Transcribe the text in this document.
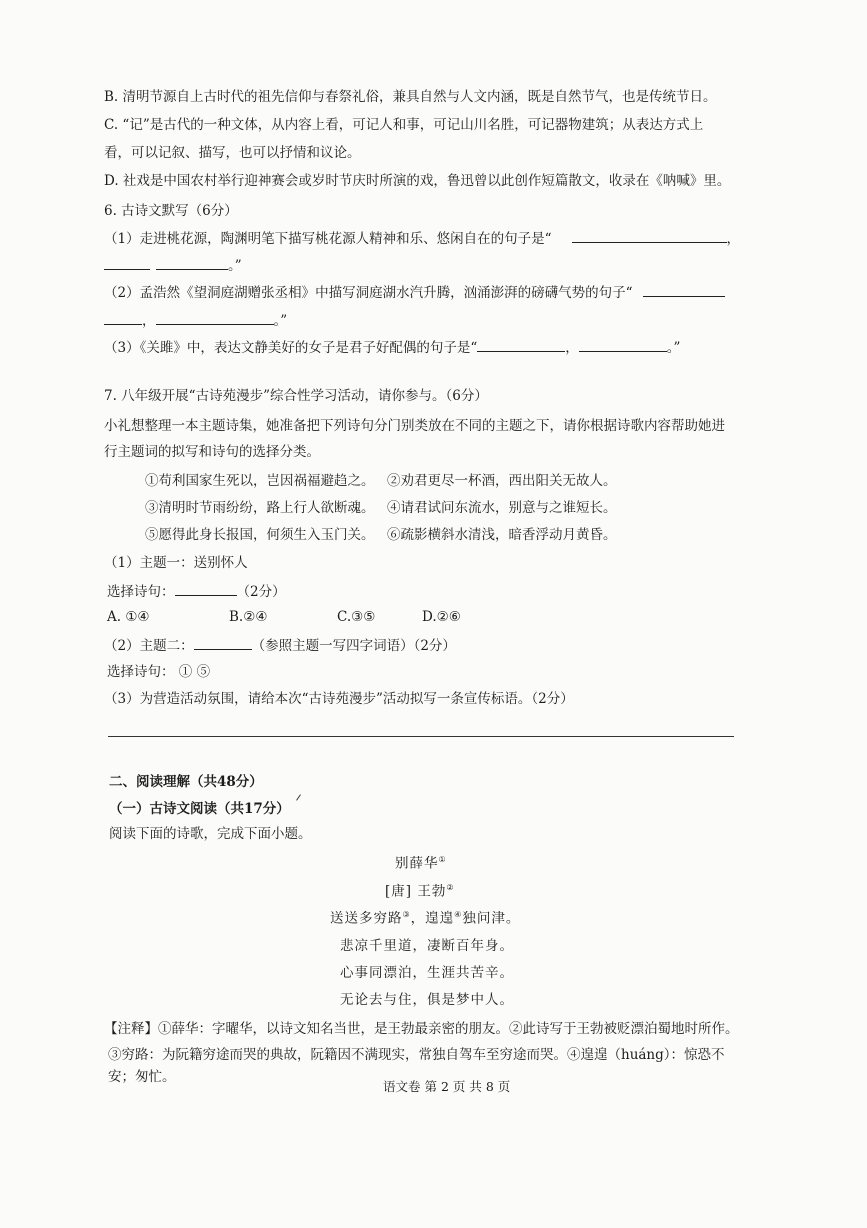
B. 清明节源自上古时代的祖先信仰与春祭礼俗，兼具自然与人文内涵，既是自然节气，也是传统节日。
C. “记”是古代的一种文体，从内容上看，可记人和事，可记山川名胜，可记器物建筑；从表达方式上
看，可以记叙、描写，也可以抒情和议论。
D. 社戏是中国农村举行迎神赛会或岁时节庆时所演的戏，鲁迅曾以此创作短篇散文，收录在《呐喊》里。
6. 古诗文默写（6分）
（1）走进桃花源，陶渊明笔下描写桃花源人精神和乐、悠闲自在的句子是“	，
。”
（2）孟浩然《望洞庭湖赠张丞相》中描写洞庭湖水汽升腾，汹涌澎湃的磅礴气势的句子“
，	。”
（3）《关雎》中，表达文静美好的女子是君子好配偶的句子是“	，	。”
7. 八年级开展“古诗苑漫步”综合性学习活动，请你参与。（6分）
小礼想整理一本主题诗集，她准备把下列诗句分门别类放在不同的主题之下，请你根据诗歌内容帮助她进
行主题词的拟写和诗句的选择分类。
①苟利国家生死以，岂因祸福避趋之。 ②劝君更尽一杯酒，西出阳关无故人。
③清明时节雨纷纷，路上行人欲断魂。 ④请君试问东流水，别意与之谁短长。
⑤愿得此身长报国，何须生入玉门关。 ⑥疏影横斜水清浅，暗香浮动月黄昏。
（1）主题一：送别怀人
选择诗句：	（2分）
A. ①④	B.②④	C.③⑤	D.②⑥
（2）主题二：	（参照主题一写四字词语）（2分）
选择诗句： ① ⑤
（3）为营造活动氛围，请给本次“古诗苑漫步”活动拟写一条宣传标语。（2分）
二、阅读理解（共48分）
（一）古诗文阅读（共17分）
阅读下面的诗歌，完成下面小题。
别薛华①
[唐] 王勃②
送送多穷路③，遑遑④独问津。
悲凉千里道，凄断百年身。
心事同漂泊，生涯共苦辛。
无论去与住，俱是梦中人。
【注释】①薛华：字曜华，以诗文知名当世，是王勃最亲密的朋友。②此诗写于王勃被贬漂泊蜀地时所作。
③穷路：为阮籍穷途而哭的典故，阮籍因不满现实，常独自驾车至穷途而哭。④遑遑（huáng）：惊恐不
安；匆忙。
语文卷 第 2 页 共 8 页
